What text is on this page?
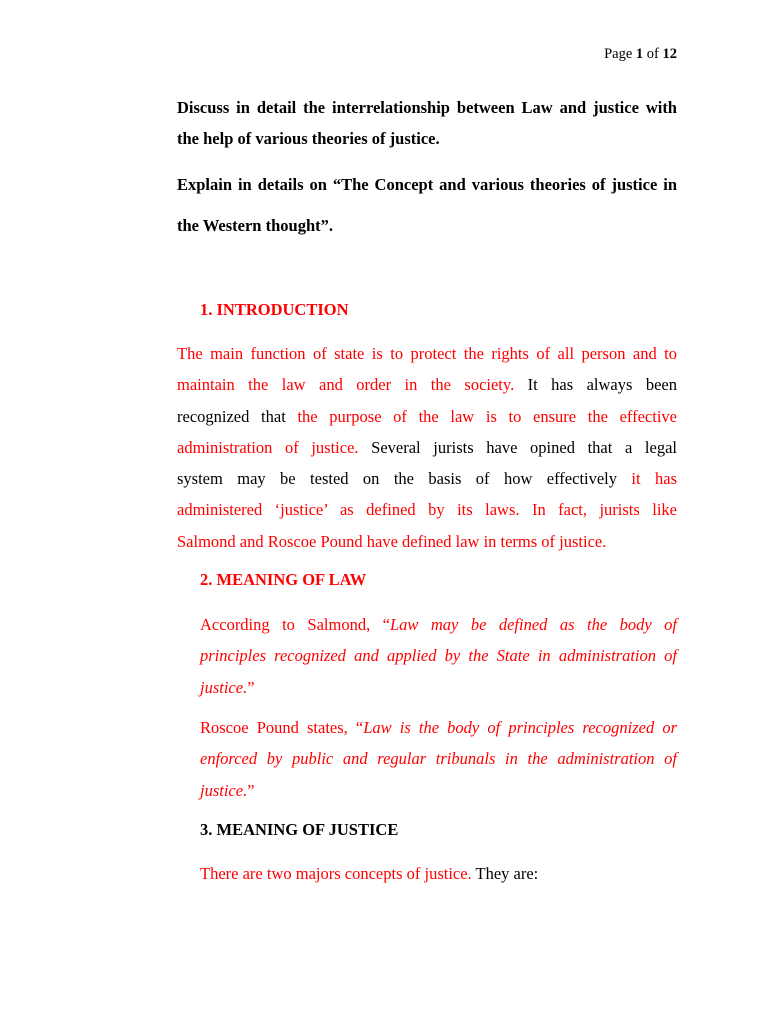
Page 1 of 12
Discuss in detail the interrelationship between Law and justice with the help of various theories of justice.
Explain in details on “The Concept and various theories of justice in the Western thought”.
1. INTRODUCTION
The main function of state is to protect the rights of all person and to
maintain the law and order in the society. It has always been
recognized that the purpose of the law is to ensure the effective
administration of justice. Several jurists have opined that a legal
system may be tested on the basis of how effectively it has
administered ‘justice’ as defined by its laws. In fact, jurists like
Salmond and Roscoe Pound have defined law in terms of justice.
2. MEANING OF LAW
According to Salmond, “Law may be defined as the body of
principles recognized and applied by the State in administration of
justice.”
Roscoe Pound states, “Law is the body of principles recognized or
enforced by public and regular tribunals in the administration of
justice.”
3. MEANING OF JUSTICE
There are two majors concepts of justice. They are:
